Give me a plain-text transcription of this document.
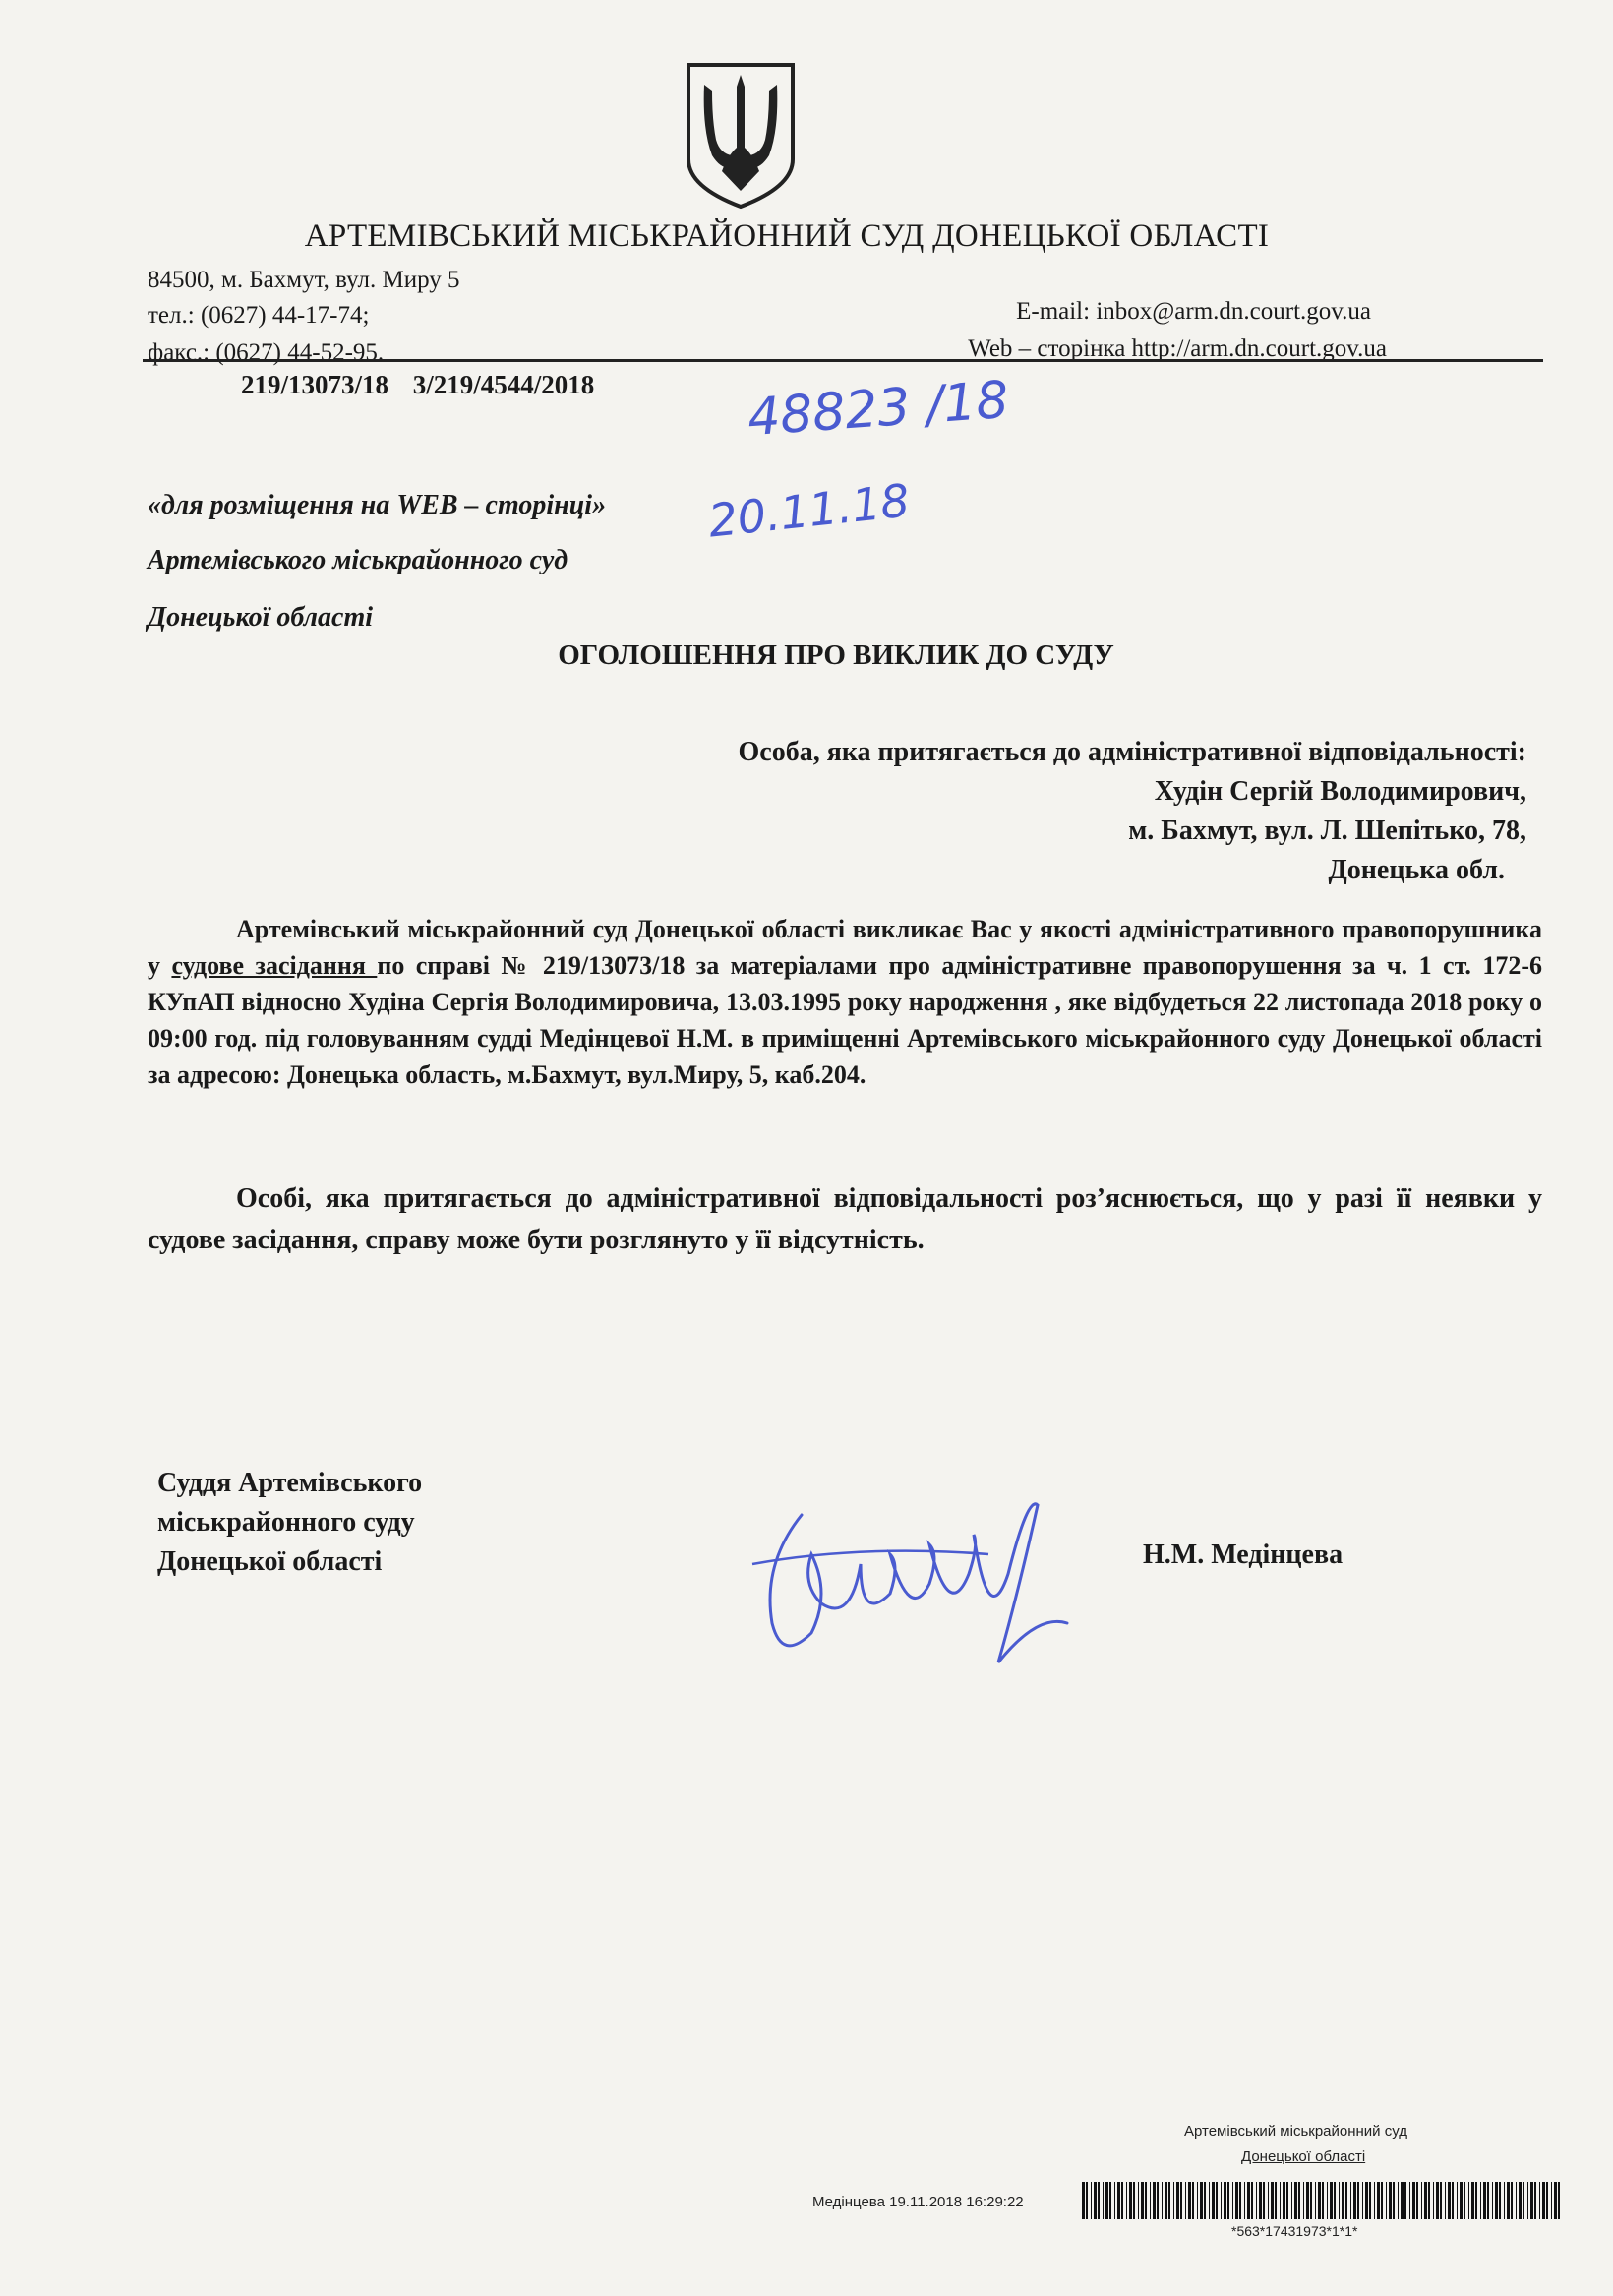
АРТЕМІВСЬКИЙ МІСЬКРАЙОННИЙ СУД ДОНЕЦЬКОЇ ОБЛАСТІ
84500, м. Бахмут, вул. Миру 5
тел.: (0627) 44-17-74;
факс.: (0627) 44-52-95.
E-mail: inbox@arm.dn.court.gov.ua
Web – сторінка http://arm.dn.court.gov.ua
219/13073/18 3/219/4544/2018	48823 /18
20.11.18
«для розміщення на WEB – сторінці»
Артемівського міськрайонного суд
Донецької області
ОГОЛОШЕННЯ ПРО ВИКЛИК ДО СУДУ
Особа, яка притягається до адміністративної відповідальності:
Худін Сергій Володимирович,
м. Бахмут, вул. Л. Шепітько, 78,
Донецька обл.

Артемівський міськрайонний суд Донецької області викликає Вас у якості адміністративного правопорушника у судове засідання по справі № 219/13073/18 за матеріалами про адміністративне правопорушення за ч. 1 ст. 172-6 КУпАП відносно Худіна Сергія Володимировича, 13.03.1995 року народження , яке відбудеться 22 листопада 2018 року о 09:00 год. під головуванням судді Медінцевої Н.М. в приміщенні Артемівського міськрайонного суду Донецької області за адресою: Донецька область, м.Бахмут, вул.Миру, 5, каб.204.

Особі, яка притягається до адміністративної відповідальності роз’яснюється, що у разі її неявки у судове засідання, справу може бути розглянуто у її відсутність.

Суддя Артемівського
міськрайонного суду
Донецької області	Н.М. Медінцева
Артемівський міськрайонний суд
Донецької області
Медінцева 19.11.2018 16:29:22
*563*17431973*1*1*
